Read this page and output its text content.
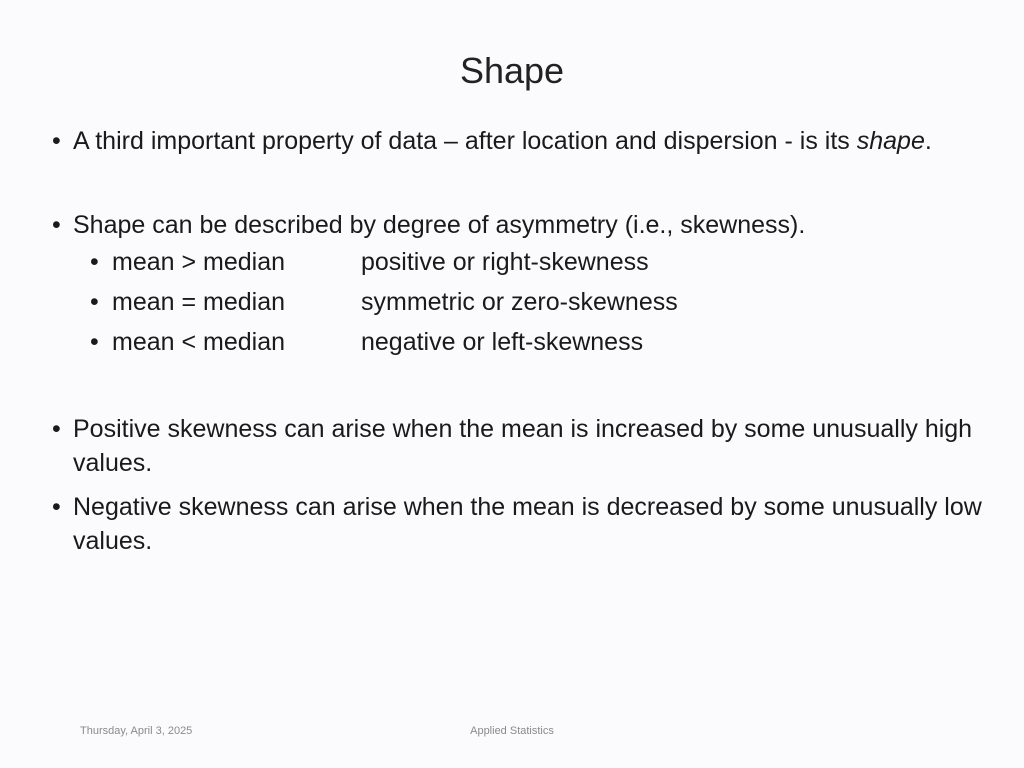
Shape
• A third important property of data – after location and dispersion - is its shape.
• Shape can be described by degree of asymmetry (i.e., skewness).
• mean > median	positive or right-skewness
• mean = median	symmetric or zero-skewness
• mean < median	negative or left-skewness
• Positive skewness can arise when the mean is increased by some unusually high values.
• Negative skewness can arise when the mean is decreased by some unusually low values.
Thursday, April 3, 2025	Applied Statistics
